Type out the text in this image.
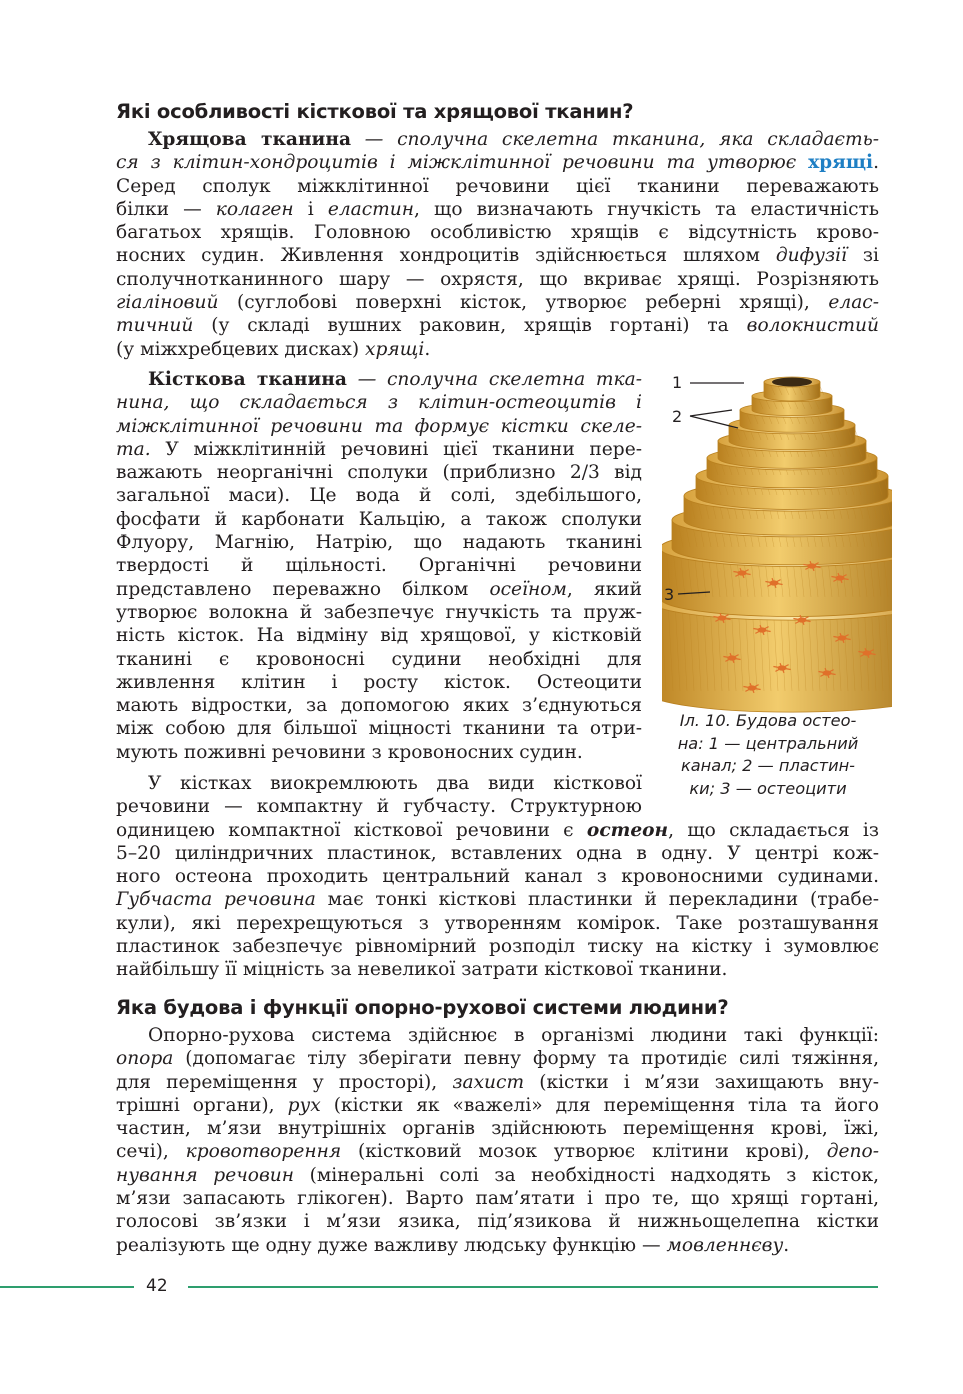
Які особливості кісткової та хрящової тканин?
Хрящова тканина — сполучна скелетна тканина, яка складаєть-
ся з клітин-хондроцитів і міжклітинної речовини та утворює хрящі.
Серед сполук міжклітинної речовини цієї тканини переважають
білки — колаген і еластин, що визначають гнучкість та еластичність
багатьох хрящів. Головною особливістю хрящів є відсутність крово-
носних судин. Живлення хондроцитів здійснюється шляхом дифузії зі
сполучнотканинного шару — охрястя, що вкриває хрящі. Розрізняють
гіаліновий (суглобові поверхні кісток, утворює реберні хрящі), елас-
тичний (у складі вушних раковин, хрящів гортані) та волокнистий
(у міжхребцевих дисках) хрящі.
Кісткова тканина — сполучна скелетна тка-
нина, що складається з клітин-остеоцитів і
міжклітинної речовини та формує кістки скеле-
та. У міжклітинній речовині цієї тканини пере-
важають неорганічні сполуки (приблизно 2/3 від
загальної маси). Це вода й солі, здебільшого,
фосфати й карбонати Кальцію, а також сполуки
Флуору, Магнію, Натрію, що надають тканині
твердості й щільності. Органічні речовини
представлено переважно білком осеїном, який
утворює волокна й забезпечує гнучкість та пруж-
ність кісток. На відміну від хрящової, у кістковій
тканині є кровоносні судини необхідні для
живлення клітин і росту кісток. Остеоцити
мають відростки, за допомогою яких з’єднуються
між собою для більшої міцності тканини та отри-
мують поживні речовини з кровоносних судин.
У кістках виокремлюють два види кісткової
речовини — компактну й губчасту. Структурною
одиницею компактної кісткової речовини є остеон, що складається із
5–20 циліндричних пластинок, вставлених одна в одну. У центрі кож-
ного остеона проходить центральний канал з кровоносними судинами.
Губчаста речовина має тонкі кісткові пластинки й перекладини (трабе-
кули), які перехрещуються з утворенням комірок. Таке розташування
пластинок забезпечує рівномірний розподіл тиску на кістку і зумовлює
найбільшу її міцність за невеликої затрати кісткової тканини.
Яка будова і функції опорно-рухової системи людини?
Опорно-рухова система здійснює в організмі людини такі функції:
опора (допомагає тілу зберігати певну форму та протидіє силі тяжіння,
для переміщення у просторі), захист (кістки і м’язи захищають вну-
трішні органи), рух (кістки як «важелі» для переміщення тіла та його
частин, м’язи внутрішніх органів здійснюють переміщення крові, їжі,
сечі), кровотворення (кістковий мозок утворює клітини крові), депо-
нування речовин (мінеральні солі за необхідності надходять з кісток,
м’язи запасають глікоген). Варто пам’ятати і про те, що хрящі гортані,
голосові зв’язки і м’язи язика, під’язикова й нижньощелепна кістки
реалізують ще одну дуже важливу людську функцію — мовленнєву.
1
2
3
Іл. 10. Будова остео-
на: 1 — центральний
канал; 2 — пластин-
ки; 3 — остеоцити
42
